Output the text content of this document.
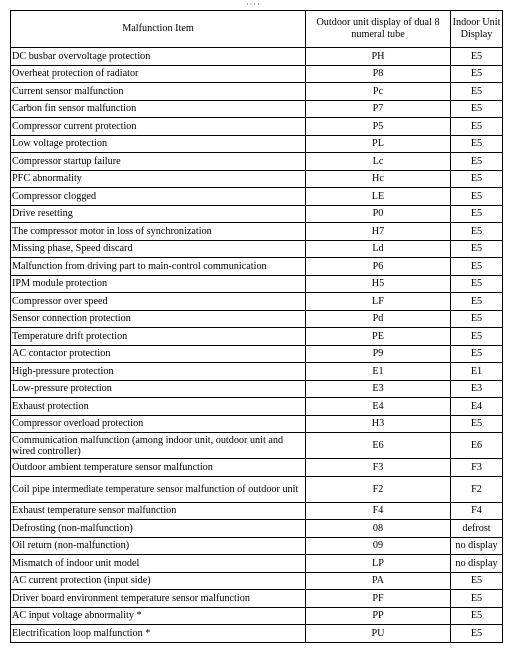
····
Malfunction Item	Outdoor unit display of dual 8 numeral tube	Indoor Unit Display
DC busbar overvoltage protection	PH	E5
Overheat protection of radiator	P8	E5
Current sensor malfunction	Pc	E5
Carbon fin sensor malfunction	P7	E5
Compressor current protection	P5	E5
Low voltage protection	PL	E5
Compressor startup failure	Lc	E5
PFC abnormality	Hc	E5
Compressor clogged	LE	E5
Drive resetting	P0	E5
The compressor motor in loss of synchronization	H7	E5
Missing phase, Speed discard	Ld	E5
Malfunction from driving part to main-control communication	P6	E5
IPM module protection	H5	E5
Compressor over speed	LF	E5
Sensor connection protection	Pd	E5
Temperature drift protection	PE	E5
AC contactor protection	P9	E5
High-pressure protection	E1	E1
Low-pressure protection	E3	E3
Exhaust protection	E4	E4
Compressor overload protection	H3	E5
Communication malfunction (among indoor unit, outdoor unit and wired controller)	E6	E6
Outdoor ambient temperature sensor malfunction	F3	F3
Coil pipe intermediate temperature sensor malfunction of outdoor unit	F2	F2
Exhaust temperature sensor malfunction	F4	F4
Defrosting (non-malfunction)	08	defrost
Oil return (non-malfunction)	09	no display
Mismatch of indoor unit model	LP	no display
AC current protection (input side)	PA	E5
Driver board environment temperature sensor malfunction	PF	E5
AC input voltage abnormality *	PP	E5
Electrification loop malfunction *	PU	E5
